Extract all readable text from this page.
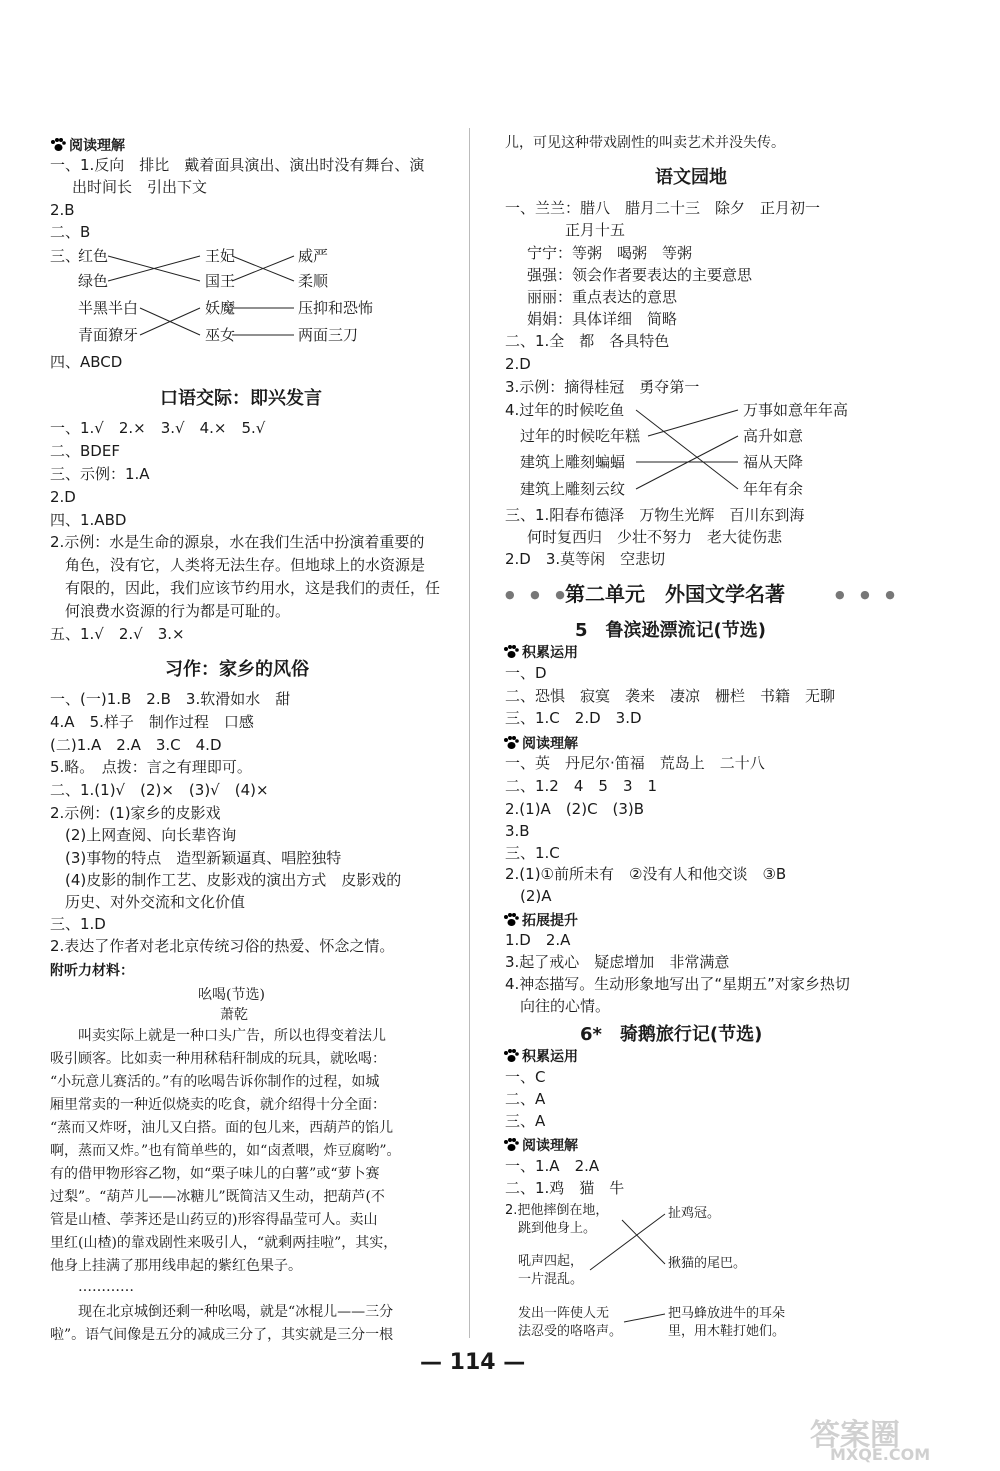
阅读理解
一、1.反向　排比　戴着面具演出、演出时没有舞台、演
出时间长　引出下文
2.B
二、B
三、
红色
绿色
半黑半白
青面獠牙
王妃
国王
妖魔
巫女
威严
柔顺
压抑和恐怖
两面三刀
四、ABCD
口语交际：即兴发言
一、1.√　2.×　3.√　4.×　5.√
二、BDEF
三、示例：1.A
2.D
四、1.ABD
2.示例：水是生命的源泉，水在我们生活中扮演着重要的
角色，没有它，人类将无法生存。但地球上的水资源是
有限的，因此，我们应该节约用水，这是我们的责任，任
何浪费水资源的行为都是可耻的。
五、1.√　2.√　3.×
习作：家乡的风俗
一、(一)1.B　2.B　3.软滑如水　甜
4.A　5.样子　制作过程　口感
(二)1.A　2.A　3.C　4.D
5.略。　点拨：言之有理即可。
二、1.(1)√　(2)×　(3)√　(4)×
2.示例：(1)家乡的皮影戏
(2)上网查阅、向长辈咨询
(3)事物的特点　造型新颖逼真、唱腔独特
(4)皮影的制作工艺、皮影戏的演出方式　皮影戏的
历史、对外交流和文化价值
三、1.D
2.表达了作者对老北京传统习俗的热爱、怀念之情。
附听力材料：
吆喝(节选)
萧乾
叫卖实际上就是一种口头广告，所以也得变着法儿
吸引顾客。比如卖一种用秫秸秆制成的玩具，就吆喝：
“小玩意儿赛活的。”有的吆喝告诉你制作的过程，如城
厢里常卖的一种近似烧卖的吃食，就介绍得十分全面：
“蒸而又炸呀，油儿又白搭。面的包儿来，西葫芦的馅儿
啊，蒸而又炸。”也有简单些的，如“卤煮喂，炸豆腐哟”。
有的借甲物形容乙物，如“栗子味儿的白薯”或“萝卜赛
过梨”。“葫芦儿——冰糖儿”既简洁又生动，把葫芦(不
管是山楂、荸荠还是山药豆的)形容得晶莹可人。卖山
里红(山楂)的靠戏剧性来吸引人，“就剩两挂啦”，其实，
他身上挂满了那用线串起的紫红色果子。
…………
现在北京城倒还剩一种吆喝，就是“冰棍儿——三分
啦”。语气间像是五分的减成三分了，其实就是三分一根
儿，可见这种带戏剧性的叫卖艺术并没失传。
语文园地
一、兰兰：腊八　腊月二十三　除夕　正月初一
正月十五
宁宁：等粥　喝粥　等粥
强强：领会作者要表达的主要意思
丽丽：重点表达的意思
娟娟：具体详细　简略
二、1.全　都　各具特色
2.D
3.示例：摘得桂冠　勇夺第一
4.过年的时候吃鱼
过年的时候吃年糕
建筑上雕刻蝙蝠
建筑上雕刻云纹
万事如意年年高
高升如意
福从天降
年年有余
三、1.阳春布德泽　万物生光辉　百川东到海
何时复西归　少壮不努力　老大徒伤悲
2.D　3.莫等闲　空悲切
● ● ●
第二单元　外国文学名著	● ● ●
5　鲁滨逊漂流记(节选)
积累运用
一、D
二、恐惧　寂寞　袭来　凄凉　栅栏　书籍　无聊
三、1.C　2.D　3.D
阅读理解
一、英　丹尼尔·笛福　荒岛上　二十八
二、1.2　4　5　3　1
2.(1)A　(2)C　(3)B
3.B
三、1.C
2.(1)①前所未有　②没有人和他交谈　③B
(2)A
拓展提升
1.D　2.A
3.起了戒心　疑虑增加　非常满意
4.神态描写。生动形象地写出了“星期五”对家乡热切
向往的心情。
6*　骑鹅旅行记(节选)
积累运用
一、C
二、A
三、A
阅读理解
一、1.A　2.A
二、1.鸡　猫　牛
2.把他摔倒在地，
跳到他身上。
吼声四起，
一片混乱。
发出一阵使人无
法忍受的咯咯声。
扯鸡冠。
揪猫的尾巴。
把马蜂放进牛的耳朵
里，用木鞋打她们。
— 114 —
答案圈
MXQE.COM
